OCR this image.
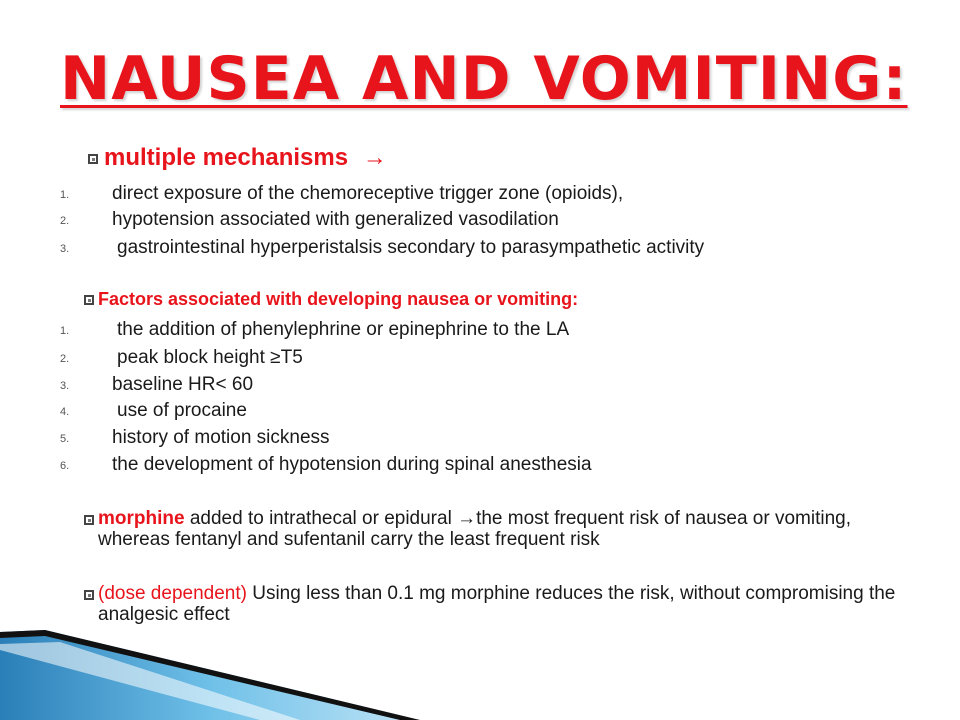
NAUSEA AND VOMITING:
multiple mechanisms →
1. direct exposure of the chemoreceptive trigger zone (opioids),
2. hypotension associated with generalized vasodilation
3.	gastrointestinal hyperperistalsis secondary to parasympathetic activity
Factors associated with developing nausea or vomiting:
1.	the addition of phenylephrine or epinephrine to the LA
2.	peak block height ≥T5
3. baseline HR< 60
4.	use of procaine
5. history of motion sickness
6. the development of hypotension during spinal anesthesia
morphine added to intrathecal or epidural →the most frequent risk of nausea or vomiting, whereas fentanyl and sufentanil carry the least frequent risk
(dose dependent) Using less than 0.1 mg morphine reduces the risk, without compromising the analgesic effect
